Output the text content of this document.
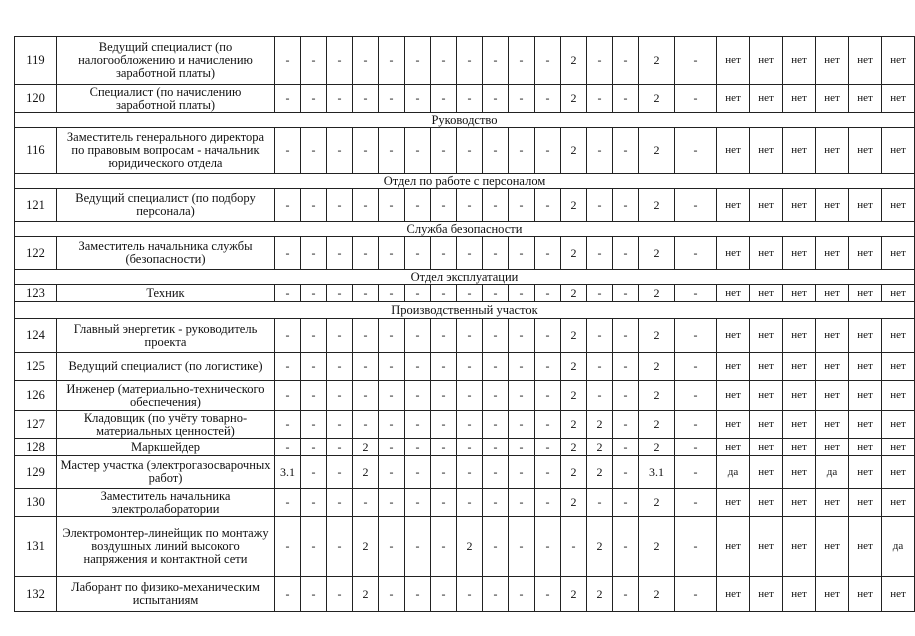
119	Ведущий специалист (по налогообложению и начислению заработной платы)	-	-	-	-	-	-	-	-	-	-	-	2	-	-	2	-	нет	нет	нет	нет	нет	нет
120	Специалист (по начислению заработной платы)	-	-	-	-	-	-	-	-	-	-	-	2	-	-	2	-	нет	нет	нет	нет	нет	нет
Руководство																							
116	Заместитель генерального директора по правовым вопросам - начальник юридического отдела	-	-	-	-	-	-	-	-	-	-	-	2	-	-	2	-	нет	нет	нет	нет	нет	нет
Отдел по работе с персоналом																							
121	Ведущий специалист (по подбору персонала)	-	-	-	-	-	-	-	-	-	-	-	2	-	-	2	-	нет	нет	нет	нет	нет	нет
Служба безопасности																							
122	Заместитель начальника службы (безопасности)	-	-	-	-	-	-	-	-	-	-	-	2	-	-	2	-	нет	нет	нет	нет	нет	нет
Отдел эксплуатации																							
123	Техник	-	-	-	-	-	-	-	-	-	-	-	2	-	-	2	-	нет	нет	нет	нет	нет	нет
Производственный участок																							
124	Главный энергетик - руководитель проекта	-	-	-	-	-	-	-	-	-	-	-	2	-	-	2	-	нет	нет	нет	нет	нет	нет
125	Ведущий специалист (по логистике)	-	-	-	-	-	-	-	-	-	-	-	2	-	-	2	-	нет	нет	нет	нет	нет	нет
126	Инженер (материально-технического обеспечения)	-	-	-	-	-	-	-	-	-	-	-	2	-	-	2	-	нет	нет	нет	нет	нет	нет
127	Кладовщик (по учёту товарно-материальных ценностей)	-	-	-	-	-	-	-	-	-	-	-	2	2	-	2	-	нет	нет	нет	нет	нет	нет
128	Маркшейдер	-	-	-	2	-	-	-	-	-	-	-	2	2	-	2	-	нет	нет	нет	нет	нет	нет
129	Мастер участка (электрогазосварочных работ)	3.1	-	-	2	-	-	-	-	-	-	-	2	2	-	3.1	-	да	нет	нет	да	нет	нет
130	Заместитель начальника электролаборатории	-	-	-	-	-	-	-	-	-	-	-	2	-	-	2	-	нет	нет	нет	нет	нет	нет
131	Электромонтер-линейщик по монтажу воздушных линий высокого напряжения и контактной сети	-	-	-	2	-	-	-	2	-	-	-	-	2	-	2	-	нет	нет	нет	нет	нет	да
132	Лаборант по физико-механическим испытаниям	-	-	-	2	-	-	-	-	-	-	-	2	2	-	2	-	нет	нет	нет	нет	нет	нет
